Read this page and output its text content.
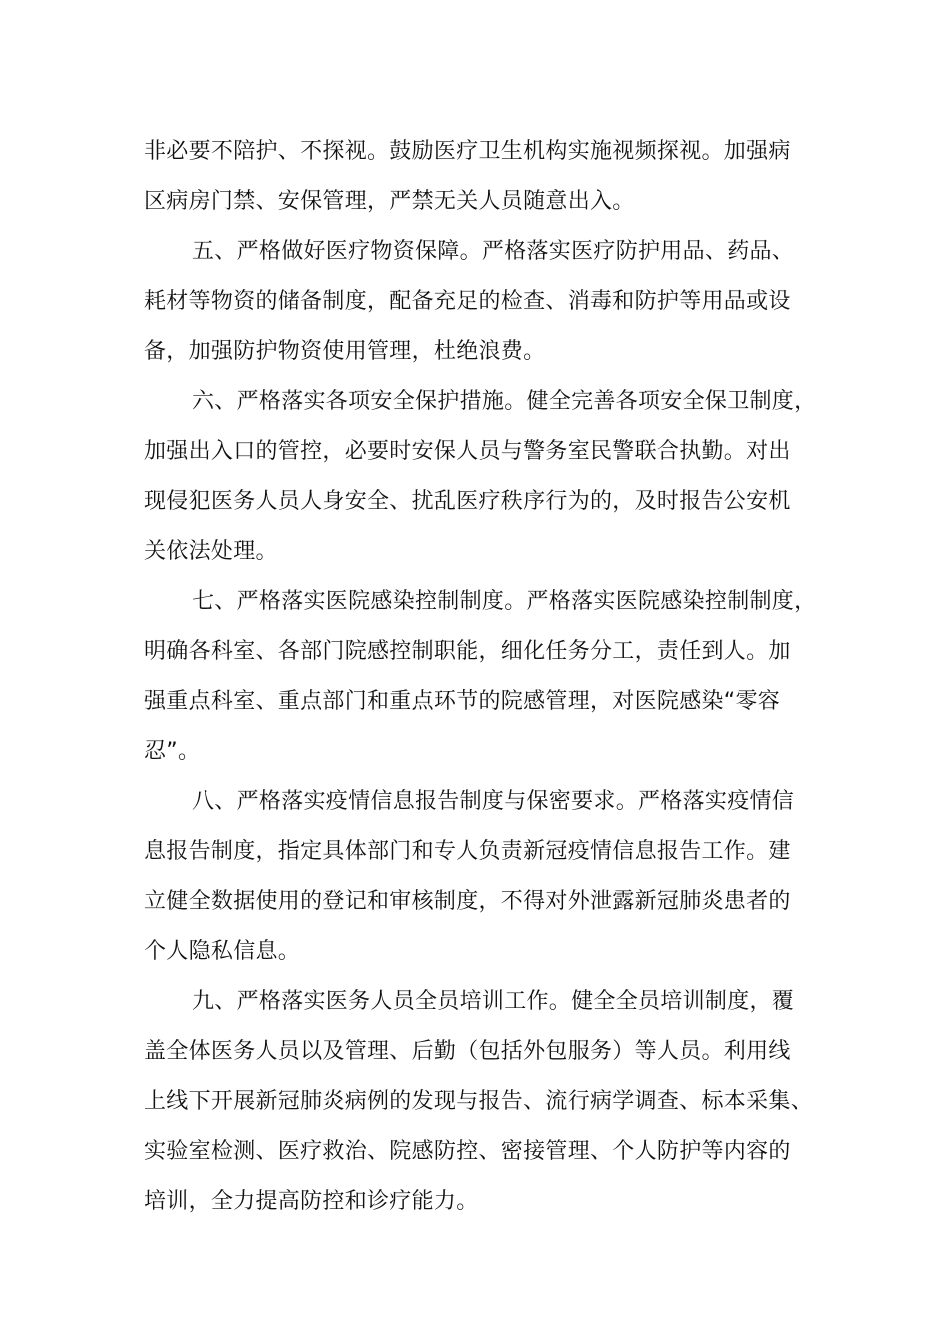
非必要不陪护、不探视。鼓励医疗卫生机构实施视频探视。加强病
区病房门禁、安保管理，严禁无关人员随意出入。
五、严格做好医疗物资保障。严格落实医疗防护用品、药品、
耗材等物资的储备制度，配备充足的检查、消毒和防护等用品或设
备，加强防护物资使用管理，杜绝浪费。
六、严格落实各项安全保护措施。健全完善各项安全保卫制度，
加强出入口的管控，必要时安保人员与警务室民警联合执勤。对出
现侵犯医务人员人身安全、扰乱医疗秩序行为的，及时报告公安机
关依法处理。
七、严格落实医院感染控制制度。严格落实医院感染控制制度，
明确各科室、各部门院感控制职能，细化任务分工，责任到人。加
强重点科室、重点部门和重点环节的院感管理，对医院感染“零容
忍”。
八、严格落实疫情信息报告制度与保密要求。严格落实疫情信
息报告制度，指定具体部门和专人负责新冠疫情信息报告工作。建
立健全数据使用的登记和审核制度，不得对外泄露新冠肺炎患者的
个人隐私信息。
九、严格落实医务人员全员培训工作。健全全员培训制度，覆
盖全体医务人员以及管理、后勤（包括外包服务）等人员。利用线
上线下开展新冠肺炎病例的发现与报告、流行病学调查、标本采集、
实验室检测、医疗救治、院感防控、密接管理、个人防护等内容的
培训，全力提高防控和诊疗能力。
